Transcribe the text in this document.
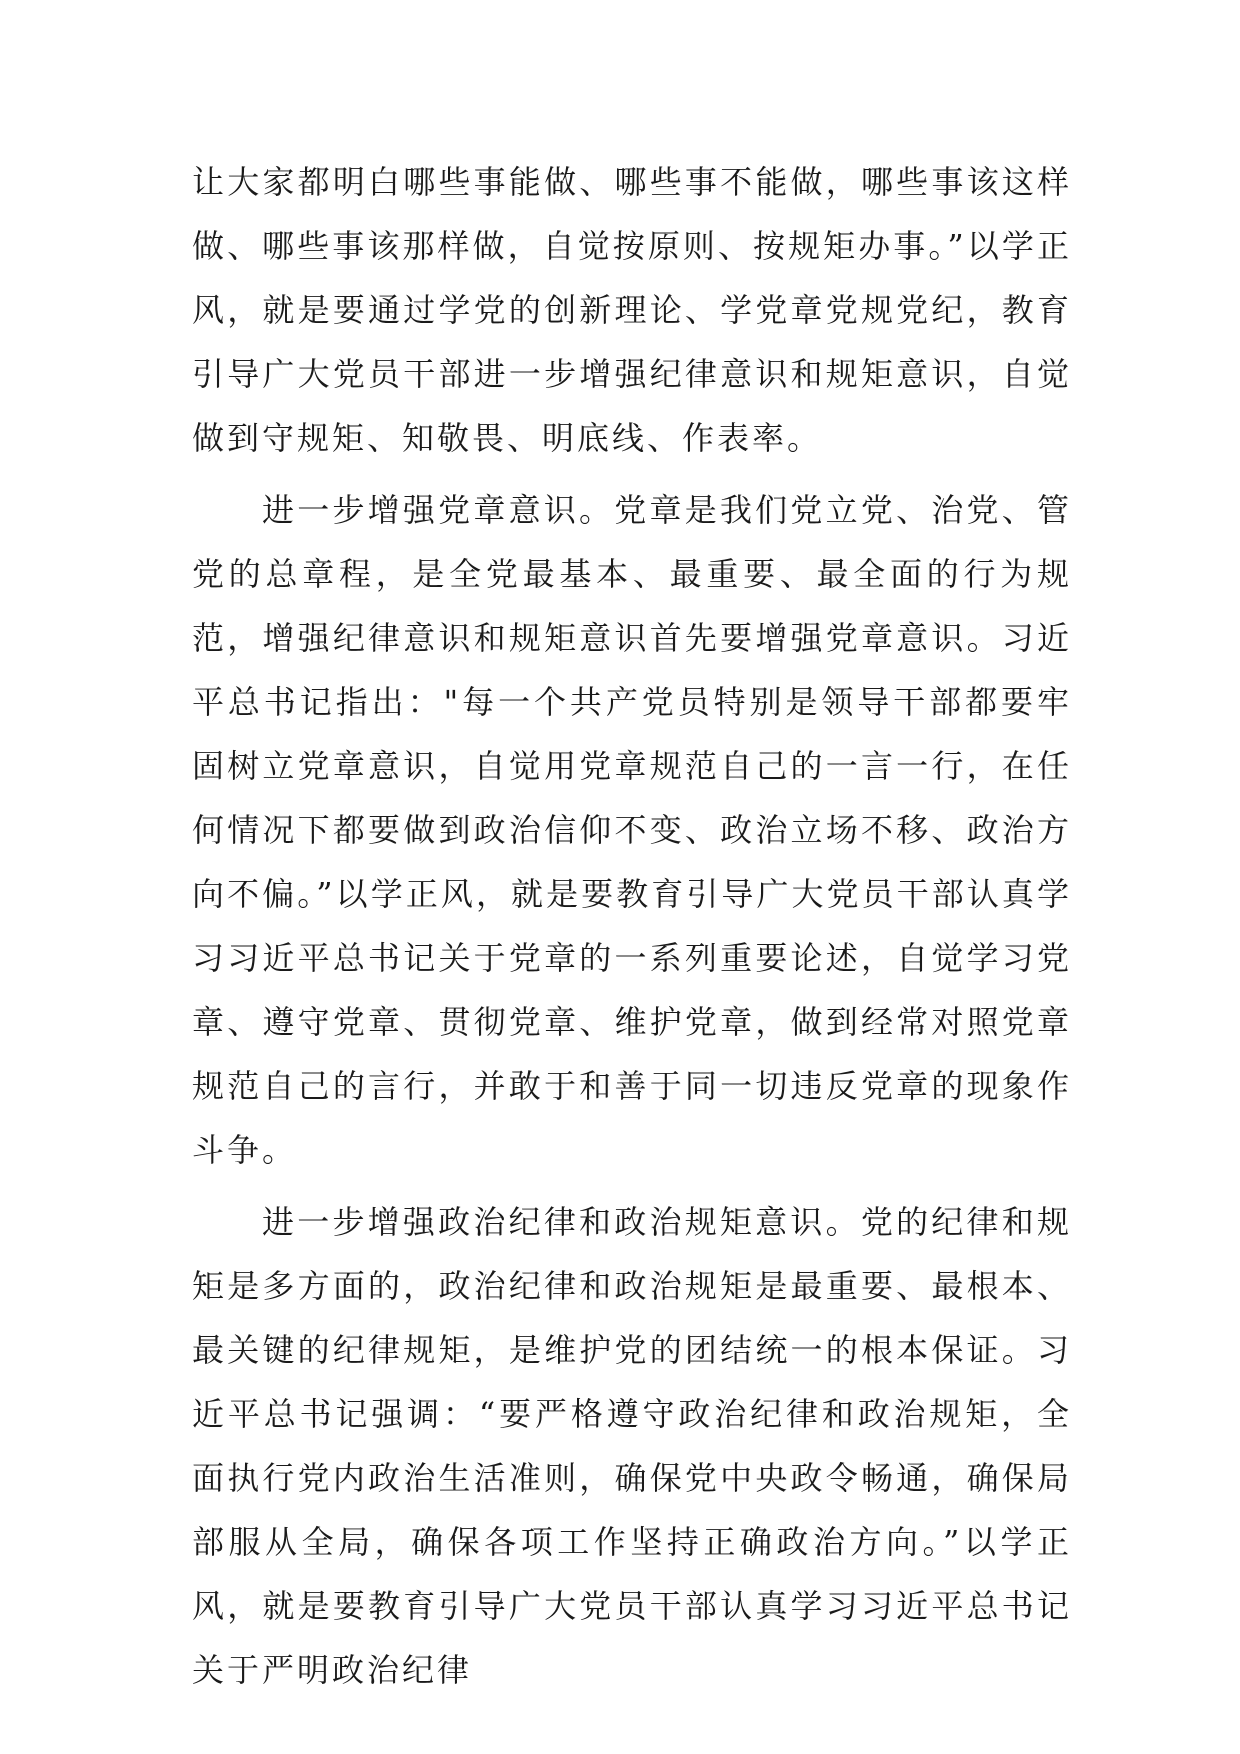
让大家都明白哪些事能做、哪些事不能做，哪些事该这样做、哪些事该那样做，自觉按原则、按规矩办事。”以学正风，就是要通过学党的创新理论、学党章党规党纪，教育引导广大党员干部进一步增强纪律意识和规矩意识，自觉做到守规矩、知敬畏、明底线、作表率。

进一步增强党章意识。党章是我们党立党、治党、管党的总章程，是全党最基本、最重要、最全面的行为规范，增强纪律意识和规矩意识首先要增强党章意识。习近平总书记指出："每一个共产党员特别是领导干部都要牢固树立党章意识，自觉用党章规范自己的一言一行，在任何情况下都要做到政治信仰不变、政治立场不移、政治方向不偏。”以学正风，就是要教育引导广大党员干部认真学习习近平总书记关于党章的一系列重要论述，自觉学习党章、遵守党章、贯彻党章、维护党章，做到经常对照党章规范自己的言行，并敢于和善于同一切违反党章的现象作斗争。

进一步增强政治纪律和政治规矩意识。党的纪律和规矩是多方面的，政治纪律和政治规矩是最重要、最根本、最关键的纪律规矩，是维护党的团结统一的根本保证。习近平总书记强调：“要严格遵守政治纪律和政治规矩，全面执行党内政治生活准则，确保党中央政令畅通，确保局部服从全局，确保各项工作坚持正确政治方向。”以学正风，就是要教育引导广大党员干部认真学习习近平总书记关于严明政治纪律
